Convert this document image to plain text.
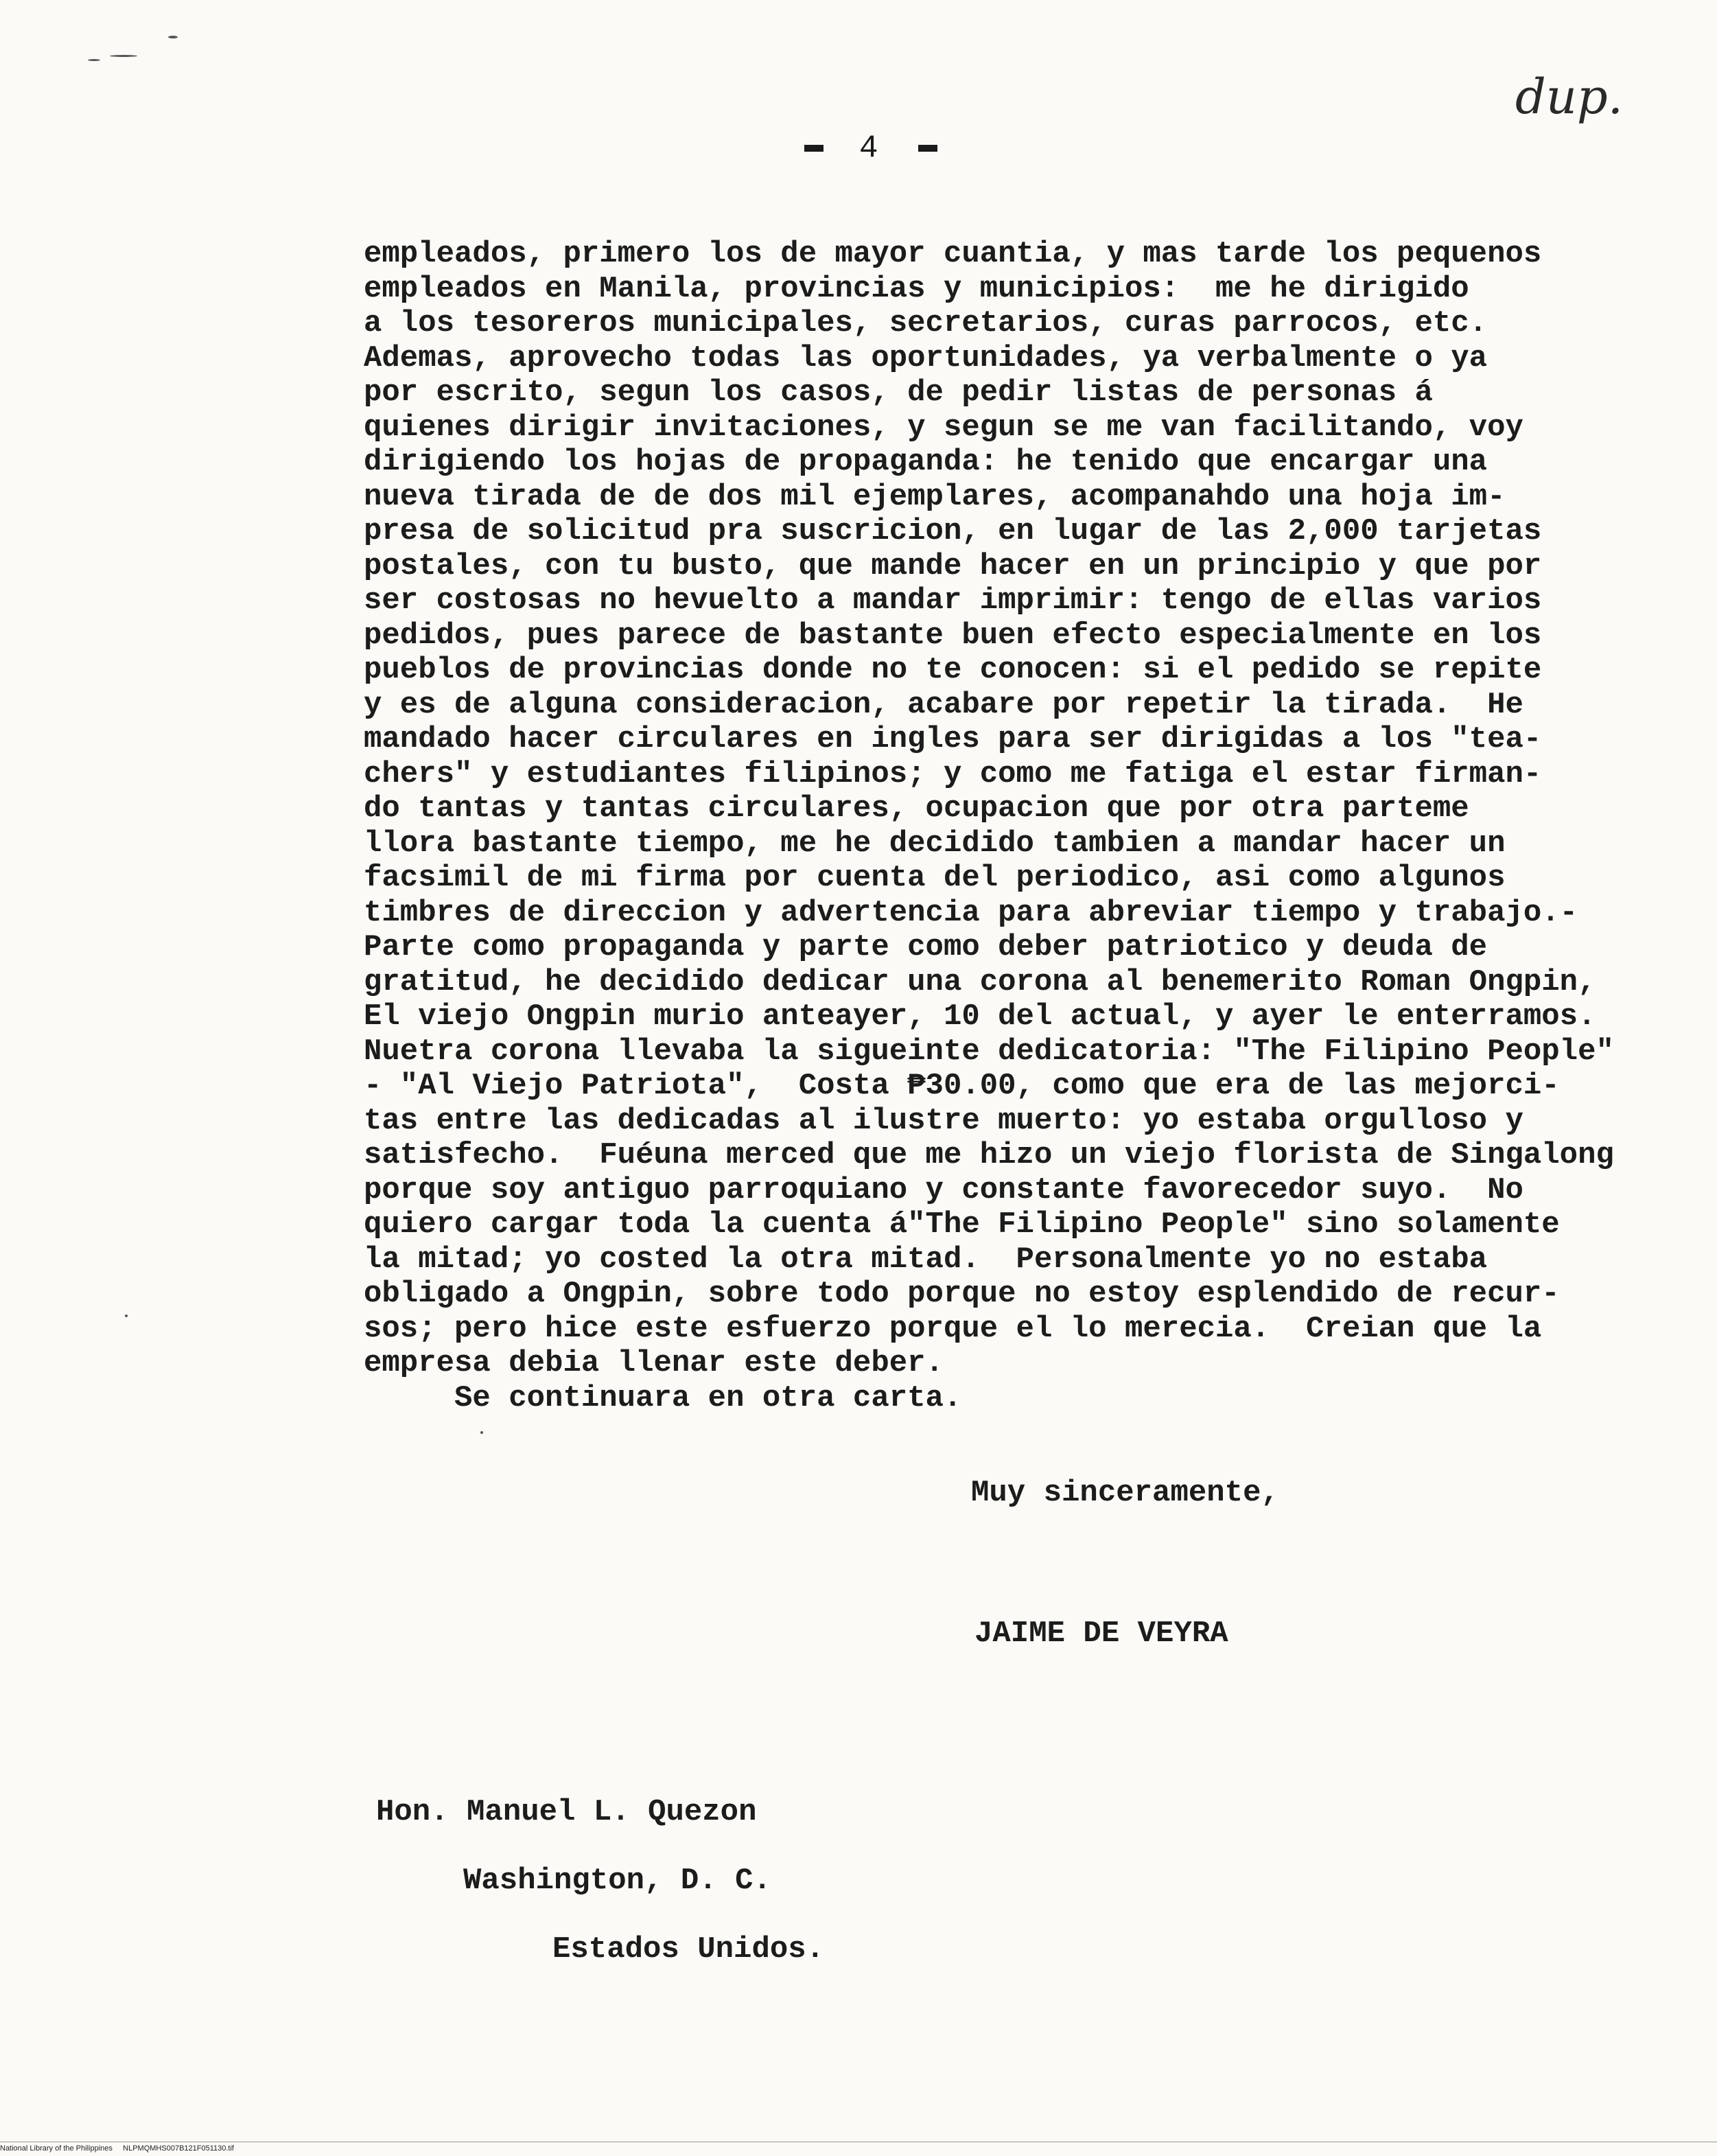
4
dup.
empleados, primero los de mayor cuantia, y mas tarde los pequenos
empleados en Manila, provincias y municipios:  me he dirigido
a los tesoreros municipales, secretarios, curas parrocos, etc.
Ademas, aprovecho todas las oportunidades, ya verbalmente o ya
por escrito, segun los casos, de pedir listas de personas á
quienes dirigir invitaciones, y segun se me van facilitando, voy
dirigiendo los hojas de propaganda: he tenido que encargar una
nueva tirada de de dos mil ejemplares, acompanahdo una hoja im-
presa de solicitud pra suscricion, en lugar de las 2,000 tarjetas
postales, con tu busto, que mande hacer en un principio y que por
ser costosas no hevuelto a mandar imprimir: tengo de ellas varios
pedidos, pues parece de bastante buen efecto especialmente en los
pueblos de provincias donde no te conocen: si el pedido se repite
y es de alguna consideracion, acabare por repetir la tirada.  He
mandado hacer circulares en ingles para ser dirigidas a los "tea-
chers" y estudiantes filipinos; y como me fatiga el estar firman-
do tantas y tantas circulares, ocupacion que por otra parteme
llora bastante tiempo, me he decidido tambien a mandar hacer un
facsimil de mi firma por cuenta del periodico, asi como algunos
timbres de direccion y advertencia para abreviar tiempo y trabajo.-
Parte como propaganda y parte como deber patriotico y deuda de
gratitud, he decidido dedicar una corona al benemerito Roman Ongpin,
El viejo Ongpin murio anteayer, 10 del actual, y ayer le enterramos.
Nuetra corona llevaba la sigueinte dedicatoria: "The Filipino People"
- "Al Viejo Patriota",  Costa ₱30.00, como que era de las mejorci-
tas entre las dedicadas al ilustre muerto: yo estaba orgulloso y
satisfecho.  Fuéuna merced que me hizo un viejo florista de Singalong
porque soy antiguo parroquiano y constante favorecedor suyo.  No
quiero cargar toda la cuenta á"The Filipino People" sino solamente
la mitad; yo costed la otra mitad.  Personalmente yo no estaba
obligado a Ongpin, sobre todo porque no estoy esplendido de recur-
sos; pero hice este esfuerzo porque el lo merecia.  Creian que la
empresa debia llenar este deber.
Se continuara en otra carta.
Muy sinceramente,
JAIME DE VEYRA
Hon. Manuel L. Quezon
Washington, D. C.
Estados Unidos.
National Library of the Philippines     NLPMQMHS007B121F051130.tif
